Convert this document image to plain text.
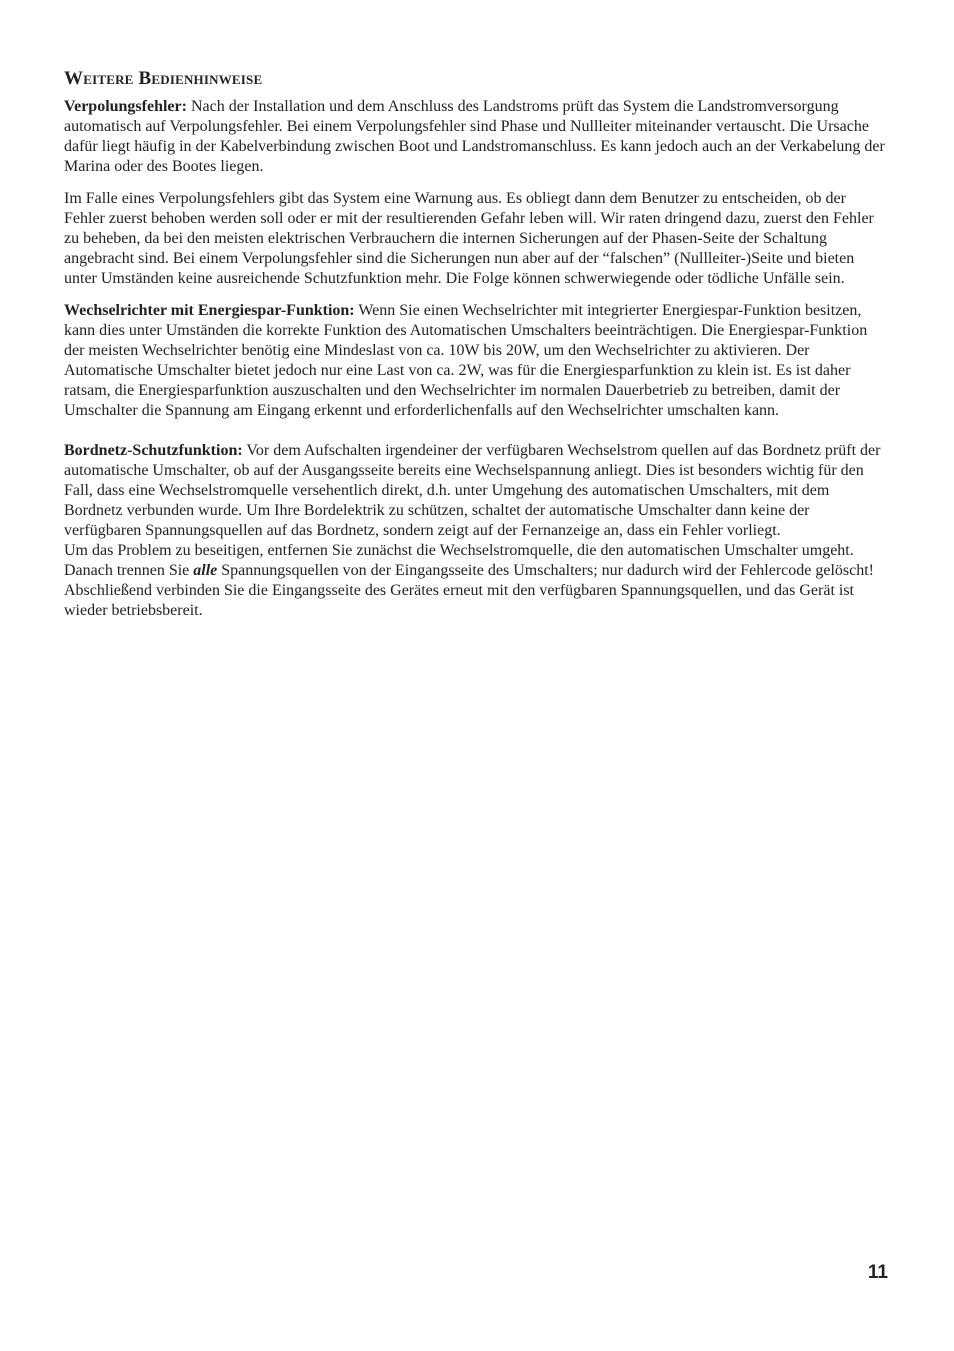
Weitere Bedienhinweise

Verpolungsfehler: Nach der Installation und dem Anschluss des Landstroms prüft das System die Landstromversorgung automatisch auf Verpolungsfehler. Bei einem Verpolungsfehler sind Phase und Nullleiter miteinander vertauscht. Die Ursache dafür liegt häufig in der Kabelverbindung zwischen Boot und Landstromanschluss. Es kann jedoch auch an der Verkabelung der Marina oder des Bootes liegen.

Im Falle eines Verpolungsfehlers gibt das System eine Warnung aus. Es obliegt dann dem Benutzer zu entscheiden, ob der Fehler zuerst behoben werden soll oder er mit der resultierenden Gefahr leben will. Wir raten dringend dazu, zuerst den Fehler zu beheben, da bei den meisten elektrischen Verbrauchern die internen Sicherungen auf der Phasen-Seite der Schaltung angebracht sind. Bei einem Verpolungsfehler sind die Sicherungen nun aber auf der “falschen” (Nullleiter-)Seite und bieten unter Umständen keine ausreichende Schutzfunktion mehr. Die Folge können schwerwiegende oder tödliche Unfälle sein.

Wechselrichter mit Energiespar-Funktion: Wenn Sie einen Wechselrichter mit integrierter Energiespar-Funktion besitzen, kann dies unter Umständen die korrekte Funktion des Automatischen Umschalters beeinträchtigen. Die Energiespar-Funktion der meisten Wechselrichter benötig eine Mindeslast von ca. 10W bis 20W, um den Wechselrichter zu aktivieren. Der Automatische Umschalter bietet jedoch nur eine Last von ca. 2W, was für die Energiesparfunktion zu klein ist. Es ist daher ratsam, die Energiesparfunktion auszuschalten und den Wechselrichter im normalen Dauerbetrieb zu betreiben, damit der Umschalter die Spannung am Eingang erkennt und erforderlichenfalls auf den Wechselrichter umschalten kann.

Bordnetz-Schutzfunktion: Vor dem Aufschalten irgendeiner der verfügbaren Wechselstrom quellen auf das Bordnetz prüft der automatische Umschalter, ob auf der Ausgangsseite bereits eine Wechselspannung anliegt. Dies ist besonders wichtig für den Fall, dass eine Wechselstromquelle versehentlich direkt, d.h. unter Umgehung des automatischen Umschalters, mit dem Bordnetz verbunden wurde. Um Ihre Bordelektrik zu schützen, schaltet der automatische Umschalter dann keine der verfügbaren Spannungsquellen auf das Bordnetz, sondern zeigt auf der Fernanzeige an, dass ein Fehler vorliegt.

Um das Problem zu beseitigen, entfernen Sie zunächst die Wechselstromquelle, die den automatischen Umschalter umgeht. Danach trennen Sie alle Spannungsquellen von der Eingangsseite des Umschalters; nur dadurch wird der Fehlercode gelöscht! Abschließend verbinden Sie die Eingangsseite des Gerätes erneut mit den verfügbaren Spannungsquellen, und das Gerät ist wieder betriebsbereit.

11
